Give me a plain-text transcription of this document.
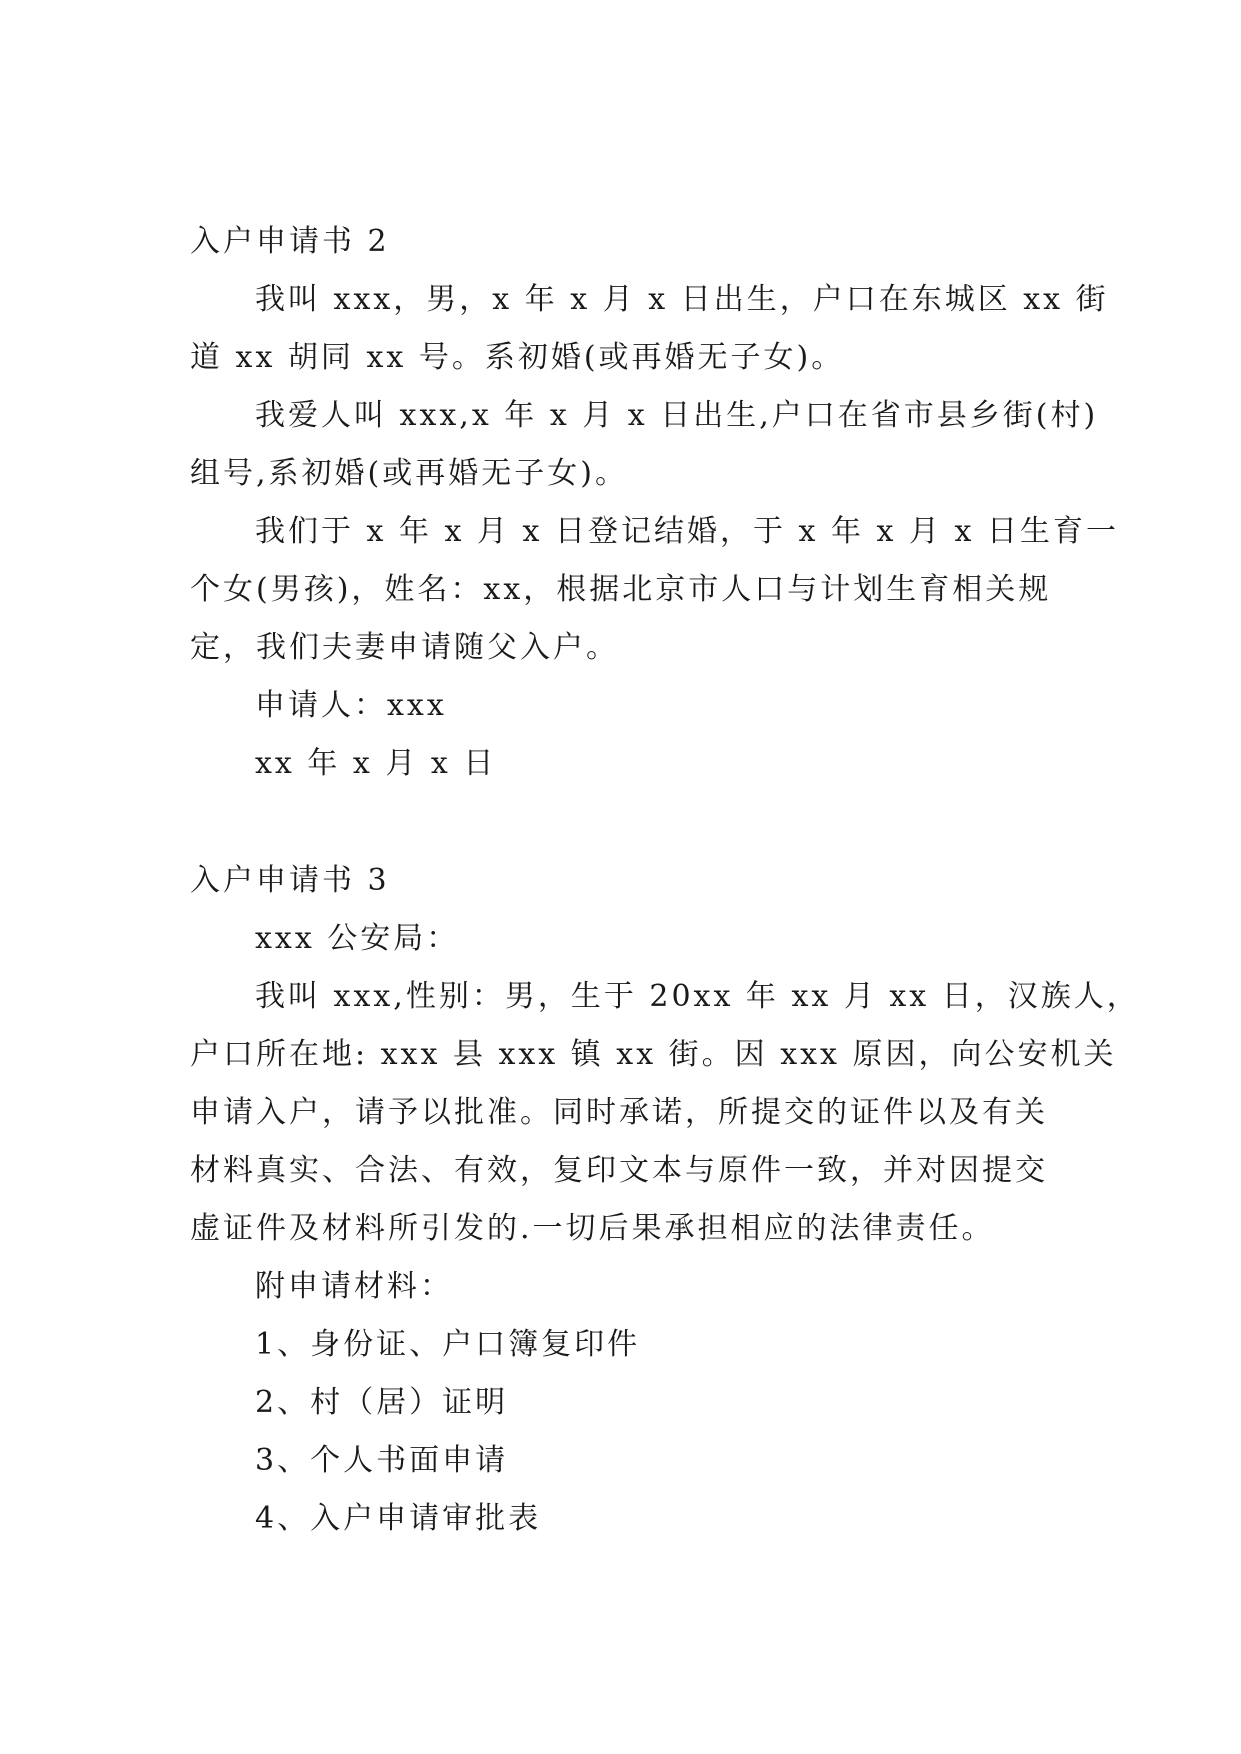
入户申请书 2
我叫 xxx，男，x 年 x 月 x 日出生，户口在东城区 xx 街
道 xx 胡同 xx 号。系初婚(或再婚无子女)。
我爱人叫 xxx,x 年 x 月 x 日出生,户口在省市县乡街(村)
组号,系初婚(或再婚无子女)。
我们于 x 年 x 月 x 日登记结婚，于 x 年 x 月 x 日生育一
个女(男孩)，姓名：xx，根据北京市人口与计划生育相关规
定，我们夫妻申请随父入户。
申请人：xxx
xx 年 x 月 x 日
入户申请书 3
xxx 公安局：
我叫 xxx,性别：男，生于 20xx 年 xx 月 xx 日，汉族人，
户口所在地: xxx 县 xxx 镇 xx 街。因 xxx 原因，向公安机关
申请入户，请予以批准。同时承诺，所提交的证件以及有关
材料真实、合法、有效，复印文本与原件一致，并对因提交
虚证件及材料所引发的.一切后果承担相应的法律责任。
附申请材料：
1、身份证、户口簿复印件
2、村（居）证明
3、个人书面申请
4、入户申请审批表
